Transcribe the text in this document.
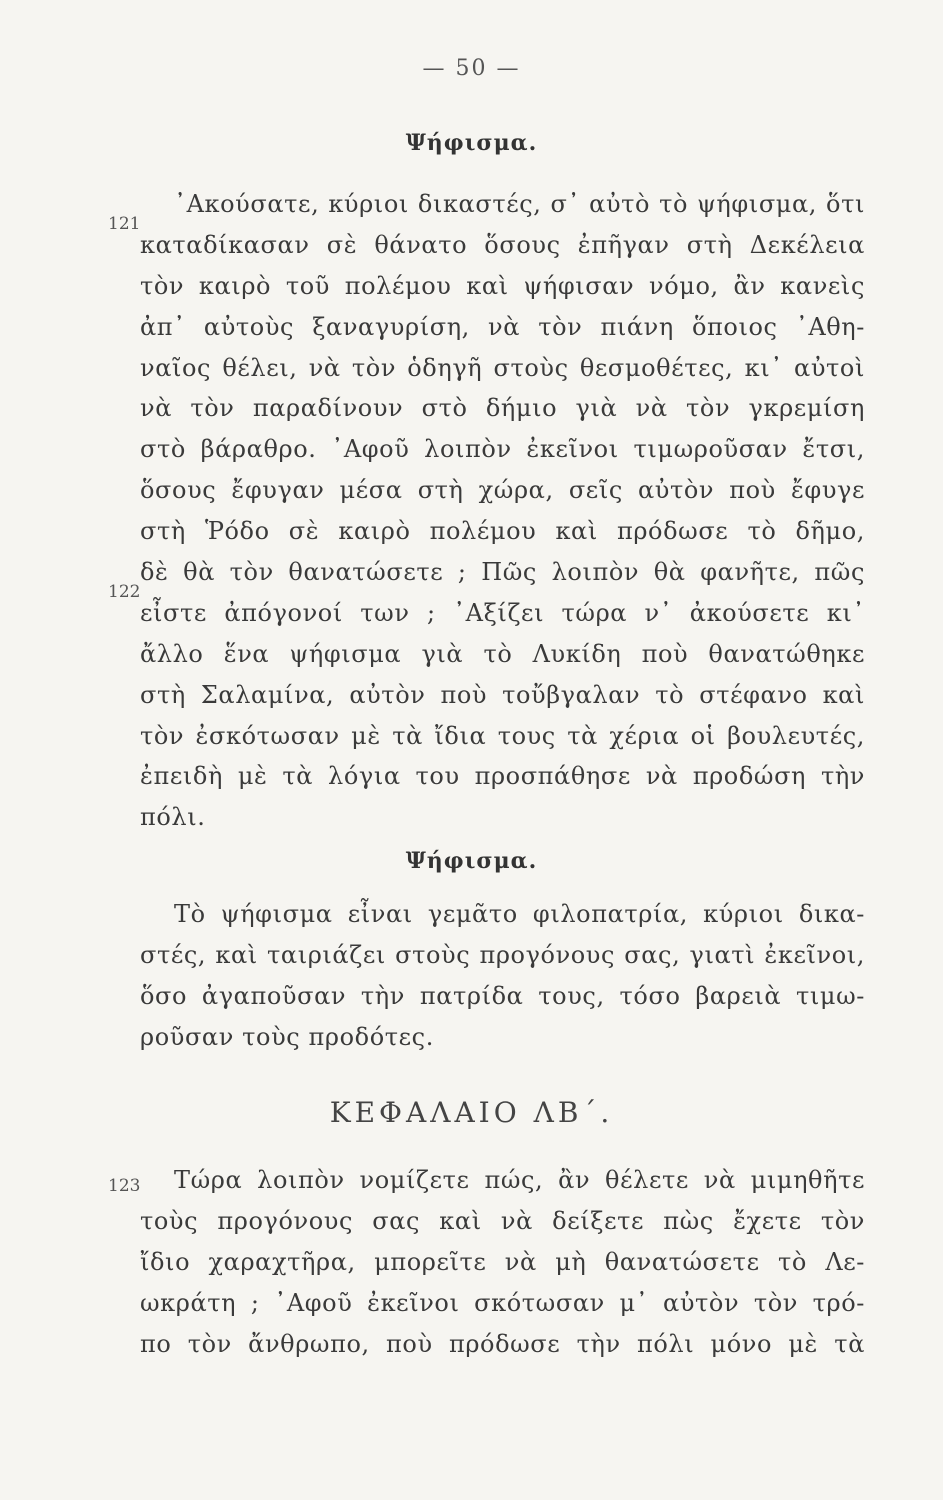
— 50 —
Ψήφισμα.
121
122
᾿Ακούσατε, κύριοι δικαστές, σ᾿ αὐτὸ τὸ ψήφισμα, ὅτι
καταδίκασαν σὲ θάνατο ὅσους ἐπῆγαν στὴ Δεκέλεια
τὸν καιρὸ τοῦ πολέμου καὶ ψήφισαν νόμο, ἂν κανεὶς
ἀπ᾿ αὐτοὺς ξαναγυρίση, νὰ τὸν πιάνη ὅποιος ᾿Αθη-
ναῖος θέλει, νὰ τὸν ὁδηγῆ στοὺς θεσμοθέτες, κι᾿ αὐτοὶ
νὰ τὸν παραδίνουν στὸ δήμιο γιὰ νὰ τὸν γκρεμίση
στὸ βάραθρο. ᾿Αφοῦ λοιπὸν ἐκεῖνοι τιμωροῦσαν ἔτσι,
ὅσους ἔφυγαν μέσα στὴ χώρα, σεῖς αὐτὸν ποὺ ἔφυγε
στὴ Ῥόδο σὲ καιρὸ πολέμου καὶ πρόδωσε τὸ δῆμο,
δὲ θὰ τὸν θανατώσετε ; Πῶς λοιπὸν θὰ φανῆτε, πῶς
εἶστε ἀπόγονοί των ; ᾿Αξίζει τώρα ν᾿ ἀκούσετε κι᾿
ἄλλο ἕνα ψήφισμα γιὰ τὸ Λυκίδη ποὺ θανατώθηκε
στὴ Σαλαμίνα, αὐτὸν ποὺ τοὔβγαλαν τὸ στέφανο καὶ
τὸν ἐσκότωσαν μὲ τὰ ἴδια τους τὰ χέρια οἱ βουλευτές,
ἐπειδὴ μὲ τὰ λόγια του προσπάθησε νὰ προδώση τὴν
πόλι.
Ψήφισμα.
Τὸ ψήφισμα εἶναι γεμᾶτο φιλοπατρία, κύριοι δικα-
στές, καὶ ταιριάζει στοὺς προγόνους σας, γιατὶ ἐκεῖνοι,
ὅσο ἀγαποῦσαν τὴν πατρίδα τους, τόσο βαρειὰ τιμω-
ροῦσαν τοὺς προδότες.
ΚΕΦΑΛΑΙΟ ΛΒ΄.
123	Τώρα λοιπὸν νομίζετε πώς, ἂν θέλετε νὰ μιμηθῆτε
τοὺς προγόνους σας καὶ νὰ δείξετε πὼς ἔχετε τὸν
ἴδιο χαραχτῆρα, μπορεῖτε νὰ μὴ θανατώσετε τὸ Λε-
ωκράτη ; ᾿Αφοῦ ἐκεῖνοι σκότωσαν μ᾿ αὐτὸν τὸν τρό-
πο τὸν ἄνθρωπο, ποὺ πρόδωσε τὴν πόλι μόνο μὲ τὰ
